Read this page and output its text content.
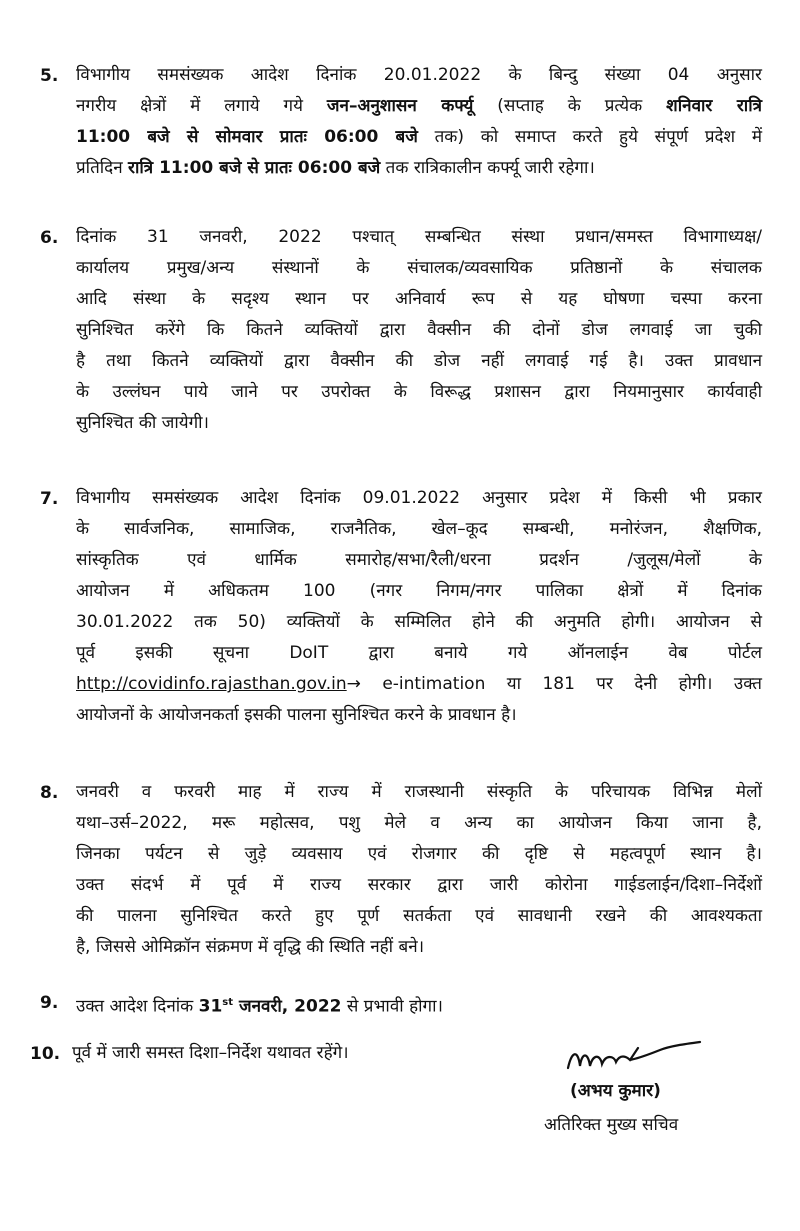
5.	विभागीय समसंख्यक आदेश दिनांक 20.01.2022 के बिन्दु संख्या 04 अनुसार
नगरीय क्षेत्रों में लगाये गये जन–अनुशासन कर्फ्यू (सप्ताह के प्रत्येक शनिवार रात्रि
11:00 बजे से सोमवार प्रातः 06:00 बजे तक) को समाप्त करते हुये संपूर्ण प्रदेश में
प्रतिदिन रात्रि 11:00 बजे से प्रातः 06:00 बजे तक रात्रिकालीन कर्फ्यू जारी रहेगा।
6.	दिनांक 31 जनवरी, 2022 पश्चात् सम्बन्धित संस्था प्रधान/समस्त विभागाध्यक्ष/
कार्यालय प्रमुख/अन्य संस्थानों के संचालक/व्यवसायिक प्रतिष्ठानों के संचालक
आदि संस्था के सदृश्य स्थान पर अनिवार्य रूप से यह घोषणा चस्पा करना
सुनिश्चित करेंगे कि कितने व्यक्तियों द्वारा वैक्सीन की दोनों डोज लगवाई जा चुकी
है तथा कितने व्यक्तियों द्वारा वैक्सीन की डोज नहीं लगवाई गई है। उक्त प्रावधान
के उल्लंघन पाये जाने पर उपरोक्त के विरूद्ध प्रशासन द्वारा नियमानुसार कार्यवाही
सुनिश्चित की जायेगी।
7.	विभागीय समसंख्यक आदेश दिनांक 09.01.2022 अनुसार प्रदेश में किसी भी प्रकार
के सार्वजनिक, सामाजिक, राजनैतिक, खेल–कूद सम्बन्धी, मनोरंजन, शैक्षणिक,
सांस्कृतिक एवं धार्मिक समारोह/सभा/रैली/धरना प्रदर्शन /जुलूस/मेलों के
आयोजन में अधिकतम 100 (नगर निगम/नगर पालिका क्षेत्रों में दिनांक
30.01.2022 तक 50) व्यक्तियों के सम्मिलित होने की अनुमति होगी। आयोजन से
पूर्व इसकी सूचना DoIT द्वारा बनाये गये ऑनलाईन वेब पोर्टल
http://covidinfo.rajasthan.gov.in→ e-intimation या 181 पर देनी होगी। उक्त
आयोजनों के आयोजनकर्ता इसकी पालना सुनिश्चित करने के प्रावधान है।
8.	जनवरी व फरवरी माह में राज्य में राजस्थानी संस्कृति के परिचायक विभिन्न मेलों
यथा–उर्स–2022, मरू महोत्सव, पशु मेले व अन्य का आयोजन किया जाना है,
जिनका पर्यटन से जुड़े व्यवसाय एवं रोजगार की दृष्टि से महत्वपूर्ण स्थान है।
उक्त संदर्भ में पूर्व में राज्य सरकार द्वारा जारी कोरोना गाईडलाईन/दिशा–निर्देशों
की पालना सुनिश्चित करते हुए पूर्ण सतर्कता एवं सावधानी रखने की आवश्यकता
है, जिससे ओमिक्रॉन संक्रमण में वृद्धि की स्थिति नहीं बने।
9.	उक्त आदेश दिनांक 31st जनवरी, 2022 से प्रभावी होगा।
10. पूर्व में जारी समस्त दिशा–निर्देश यथावत रहेंगे।
(अभय कुमार)
अतिरिक्त मुख्य सचिव
